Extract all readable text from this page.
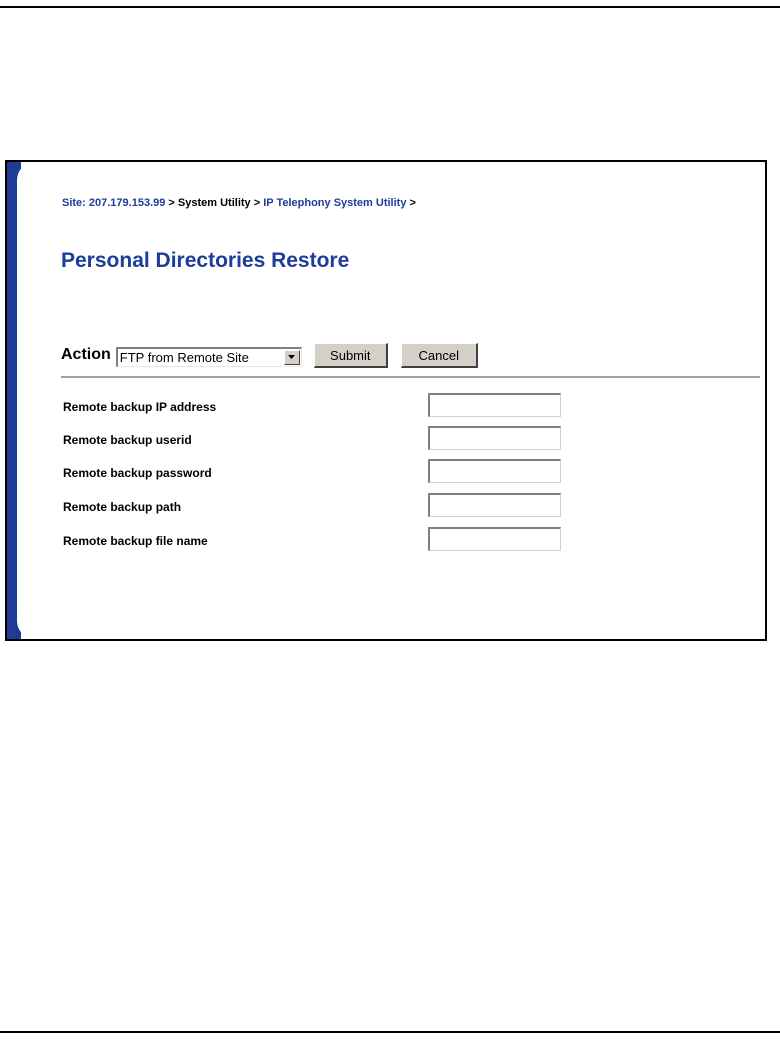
Site: 207.179.153.99 > System Utility > IP Telephony System Utility >
Personal Directories Restore
Action FTP from Remote Site	Submit	Cancel
Remote backup IP address
Remote backup userid
Remote backup password
Remote backup path
Remote backup file name
